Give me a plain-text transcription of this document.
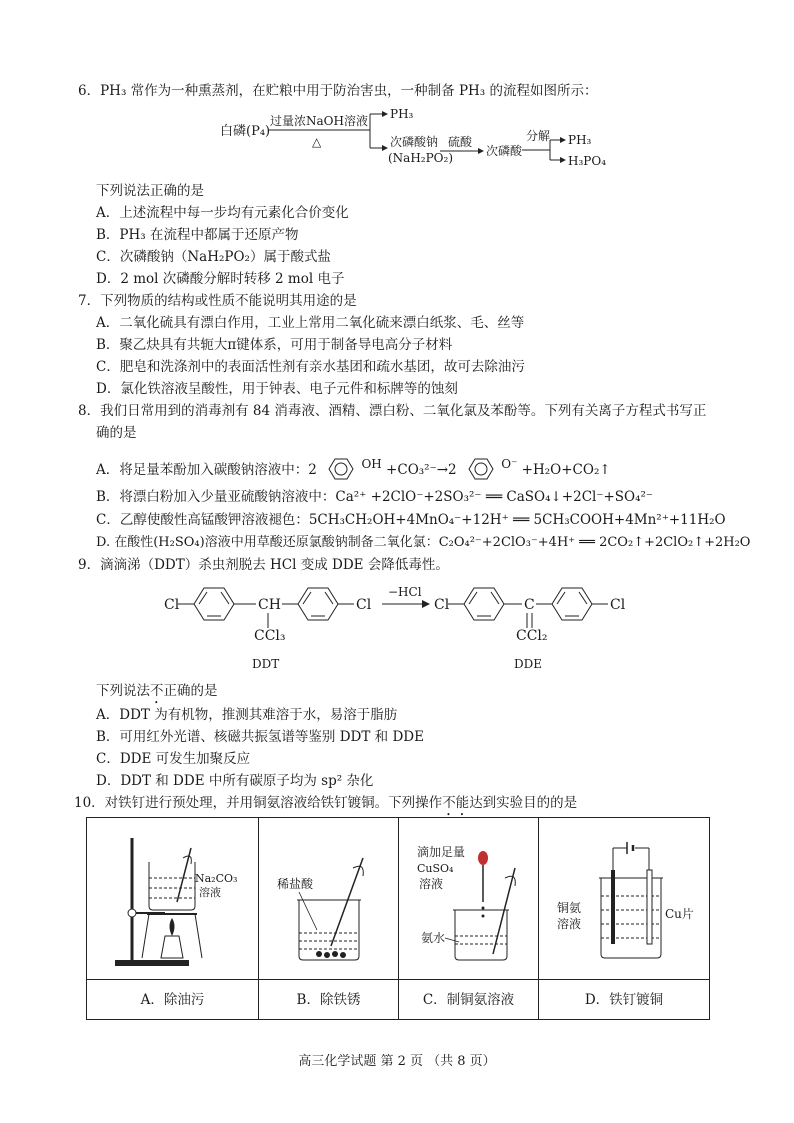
6．PH₃ 常作为一种熏蒸剂，在贮粮中用于防治害虫，一种制备 PH₃ 的流程如图所示：
白磷(P₄)
过量浓NaOH溶液
△
PH₃
次磷酸钠
(NaH₂PO₂)
硫酸
次磷酸
分解 PH₃
H₃PO₄
下列说法正确的是
A．上述流程中每一步均有元素化合价变化
B．PH₃ 在流程中都属于还原产物
C．次磷酸钠（NaH₂PO₂）属于酸式盐
D．2 mol 次磷酸分解时转移 2 mol 电子
7．下列物质的结构或性质不能说明其用途的是
A．二氧化硫具有漂白作用，工业上常用二氧化硫来漂白纸浆、毛、丝等
B．聚乙炔具有共轭大π键体系，可用于制备导电高分子材料
C．肥皂和洗涤剂中的表面活性剂有亲水基团和疏水基团，故可去除油污
D．氯化铁溶液呈酸性，用于钟表、电子元件和标牌等的蚀刻
8．我们日常用到的消毒剂有 84 消毒液、酒精、漂白粉、二氧化氯及苯酚等。下列有关离子方程式书写正
确的是
A．将足量苯酚加入碳酸钠溶液中：2	OH +CO₃²⁻→2	O⁻ +H₂O+CO₂↑
B．将漂白粉加入少量亚硫酸钠溶液中：Ca²⁺ +2ClO⁻+2SO₃²⁻ ══ CaSO₄↓+2Cl⁻+SO₄²⁻
C．乙醇使酸性高锰酸钾溶液褪色：5CH₃CH₂OH+4MnO₄⁻+12H⁺ ══ 5CH₃COOH+4Mn²⁺+11H₂O
D. 在酸性(H₂SO₄)溶液中用草酸还原氯酸钠制备二氧化氯：C₂O₄²⁻+2ClO₃⁻+4H⁺ ══ 2CO₂↑+2ClO₂↑+2H₂O
9．滴滴涕（DDT）杀虫剂脱去 HCl 变成 DDE 会降低毒性。
Cl	CH
CCl₃
Cl
DDT
−HCl
Cl	C
CCl₂
Cl
DDE
下列说法不正确的是
A．DDT 为有机物，推测其难溶于水，易溶于脂肪
B．可用红外光谱、核磁共振氢谱等鉴别 DDT 和 DDE
C．DDE 可发生加聚反应
D．DDT 和 DDE 中所有碳原子均为 sp² 杂化
10．对铁钉进行预处理，并用铜氨溶液给铁钉镀铜。下列操作不能达到实验目的的是
Na₂CO₃
溶液
稀盐酸
滴加足量
CuSO₄
溶液
氨水
铜氨
溶液
Cu片
A．除油污	B．除铁锈	C．制铜氨溶液	D．铁钉镀铜
高三化学试题 第 2 页 （共 8 页）
